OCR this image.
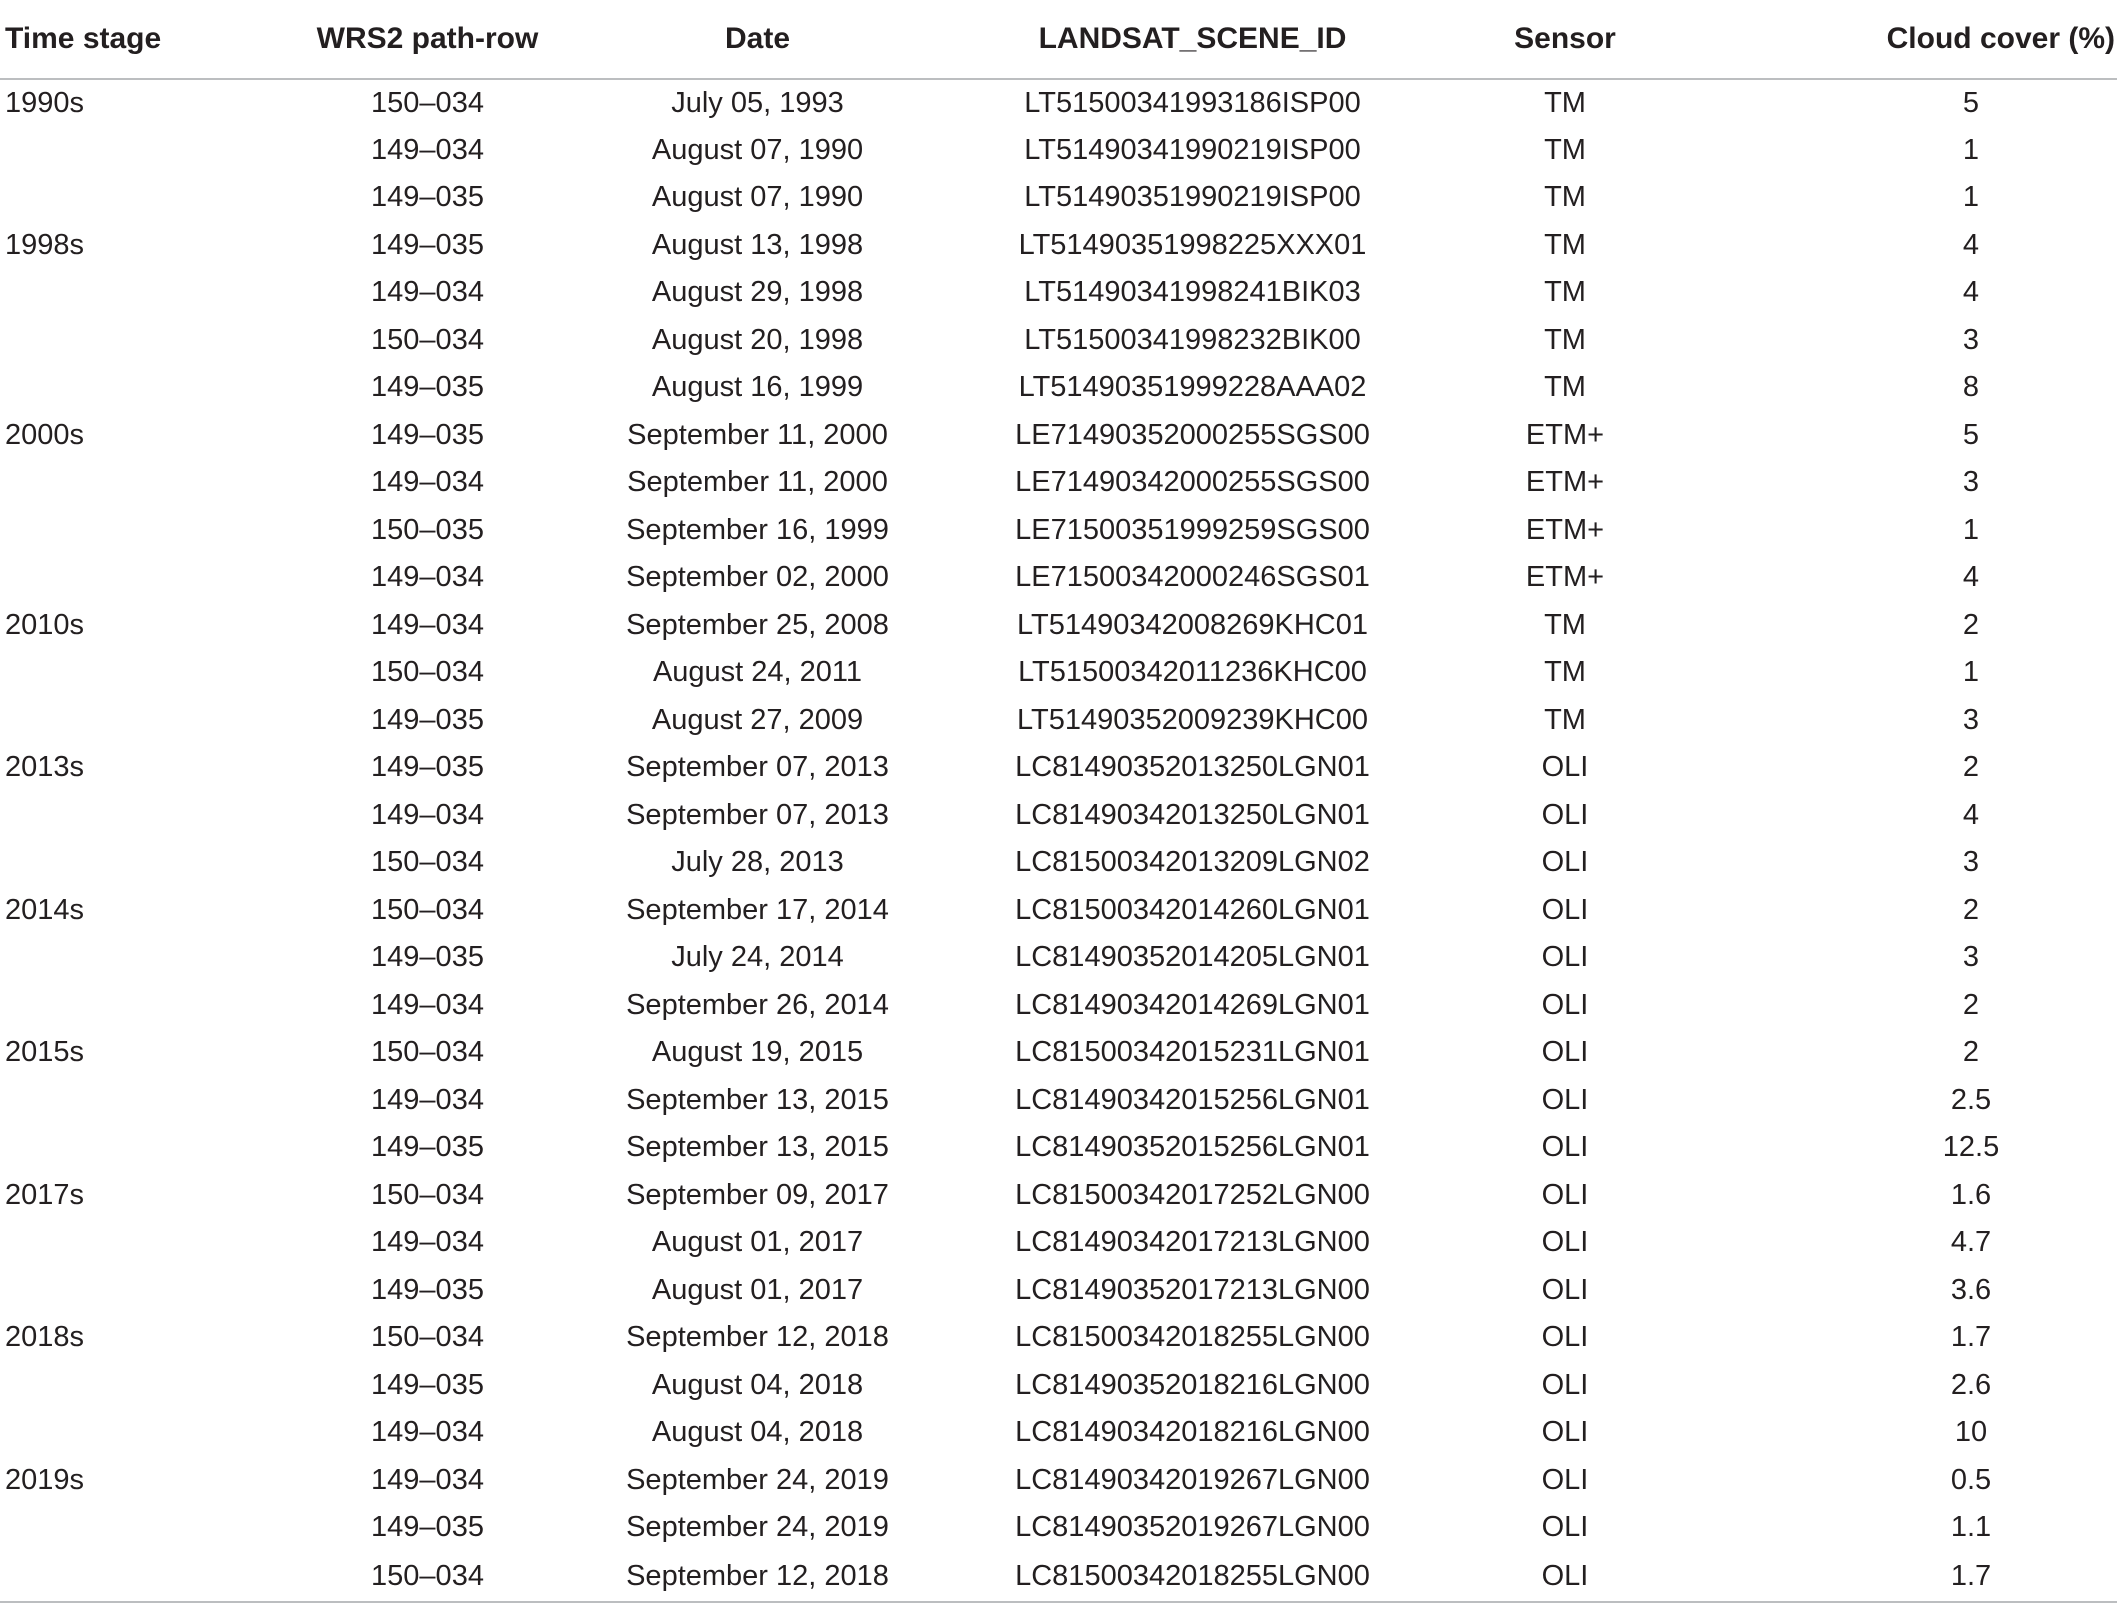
Time stage	WRS2 path-row	Date	LANDSAT_SCENE_ID	Sensor	Cloud cover (%)
1990s	150–034	July 05, 1993	LT51500341993186ISP00	TM	5
	149–034	August 07, 1990	LT51490341990219ISP00	TM	1
	149–035	August 07, 1990	LT51490351990219ISP00	TM	1
1998s	149–035	August 13, 1998	LT51490351998225XXX01	TM	4
	149–034	August 29, 1998	LT51490341998241BIK03	TM	4
	150–034	August 20, 1998	LT51500341998232BIK00	TM	3
	149–035	August 16, 1999	LT51490351999228AAA02	TM	8
2000s	149–035	September 11, 2000	LE71490352000255SGS00	ETM+	5
	149–034	September 11, 2000	LE71490342000255SGS00	ETM+	3
	150–035	September 16, 1999	LE71500351999259SGS00	ETM+	1
	149–034	September 02, 2000	LE71500342000246SGS01	ETM+	4
2010s	149–034	September 25, 2008	LT51490342008269KHC01	TM	2
	150–034	August 24, 2011	LT51500342011236KHC00	TM	1
	149–035	August 27, 2009	LT51490352009239KHC00	TM	3
2013s	149–035	September 07, 2013	LC81490352013250LGN01	OLI	2
	149–034	September 07, 2013	LC81490342013250LGN01	OLI	4
	150–034	July 28, 2013	LC81500342013209LGN02	OLI	3
2014s	150–034	September 17, 2014	LC81500342014260LGN01	OLI	2
	149–035	July 24, 2014	LC81490352014205LGN01	OLI	3
	149–034	September 26, 2014	LC81490342014269LGN01	OLI	2
2015s	150–034	August 19, 2015	LC81500342015231LGN01	OLI	2
	149–034	September 13, 2015	LC81490342015256LGN01	OLI	2.5
	149–035	September 13, 2015	LC81490352015256LGN01	OLI	12.5
2017s	150–034	September 09, 2017	LC81500342017252LGN00	OLI	1.6
	149–034	August 01, 2017	LC81490342017213LGN00	OLI	4.7
	149–035	August 01, 2017	LC81490352017213LGN00	OLI	3.6
2018s	150–034	September 12, 2018	LC81500342018255LGN00	OLI	1.7
	149–035	August 04, 2018	LC81490352018216LGN00	OLI	2.6
	149–034	August 04, 2018	LC81490342018216LGN00	OLI	10
2019s	149–034	September 24, 2019	LC81490342019267LGN00	OLI	0.5
	149–035	September 24, 2019	LC81490352019267LGN00	OLI	1.1
	150–034	September 12, 2018	LC81500342018255LGN00	OLI	1.7
